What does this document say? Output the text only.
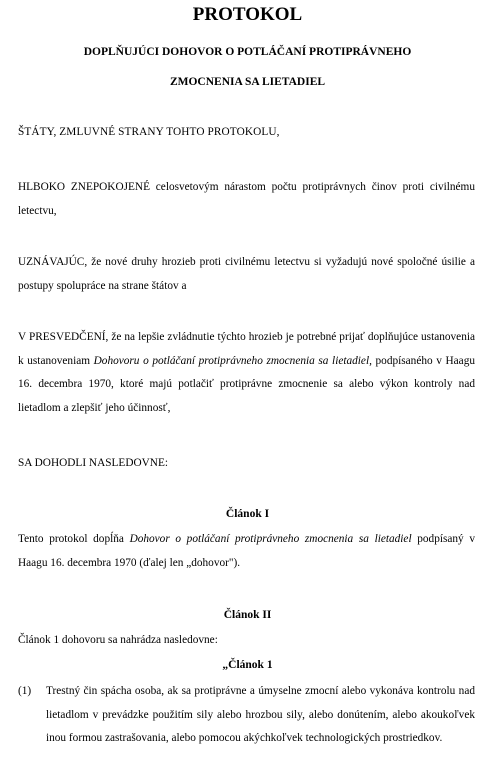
PROTOKOL
DOPLŇUJÚCI DOHOVOR O POTLÁČANÍ PROTIPRÁVNEHO
ZMOCNENIA SA LIETADIEL

ŠTÁTY, ZMLUVNÉ STRANY TOHTO PROTOKOLU,

HLBOKO ZNEPOKOJENÉ celosvetovým nárastom počtu protiprávnych činov proti civilnému letectvu,

UZNÁVAJÚC, že nové druhy hrozieb proti civilnému letectvu si vyžadujú nové spoločné úsilie a postupy spolupráce na strane štátov a

V PRESVEDČENÍ, že na lepšie zvládnutie týchto hrozieb je potrebné prijať doplňujúce ustanovenia k ustanoveniam Dohovoru o potláčaní protiprávneho zmocnenia sa lietadiel, podpísaného v Haagu 16. decembra 1970, ktoré majú potlačiť protiprávne zmocnenie sa alebo výkon kontroly nad lietadlom a zlepšiť jeho účinnosť,

SA DOHODLI NASLEDOVNE:

Článok I

Tento protokol dopĺňa Dohovor o potláčaní protiprávneho zmocnenia sa lietadiel podpísaný v Haagu 16. decembra 1970 (ďalej len „dohovor").

Článok II

Článok 1 dohovoru sa nahrádza nasledovne:

„Článok 1

(1) Trestný čin spácha osoba, ak sa protiprávne a úmyselne zmocní alebo vykonáva kontrolu nad lietadlom v prevádzke použitím sily alebo hrozbou sily, alebo donútením, alebo akoukoľvek inou formou zastrašovania, alebo pomocou akýchkoľvek technologických prostriedkov.
